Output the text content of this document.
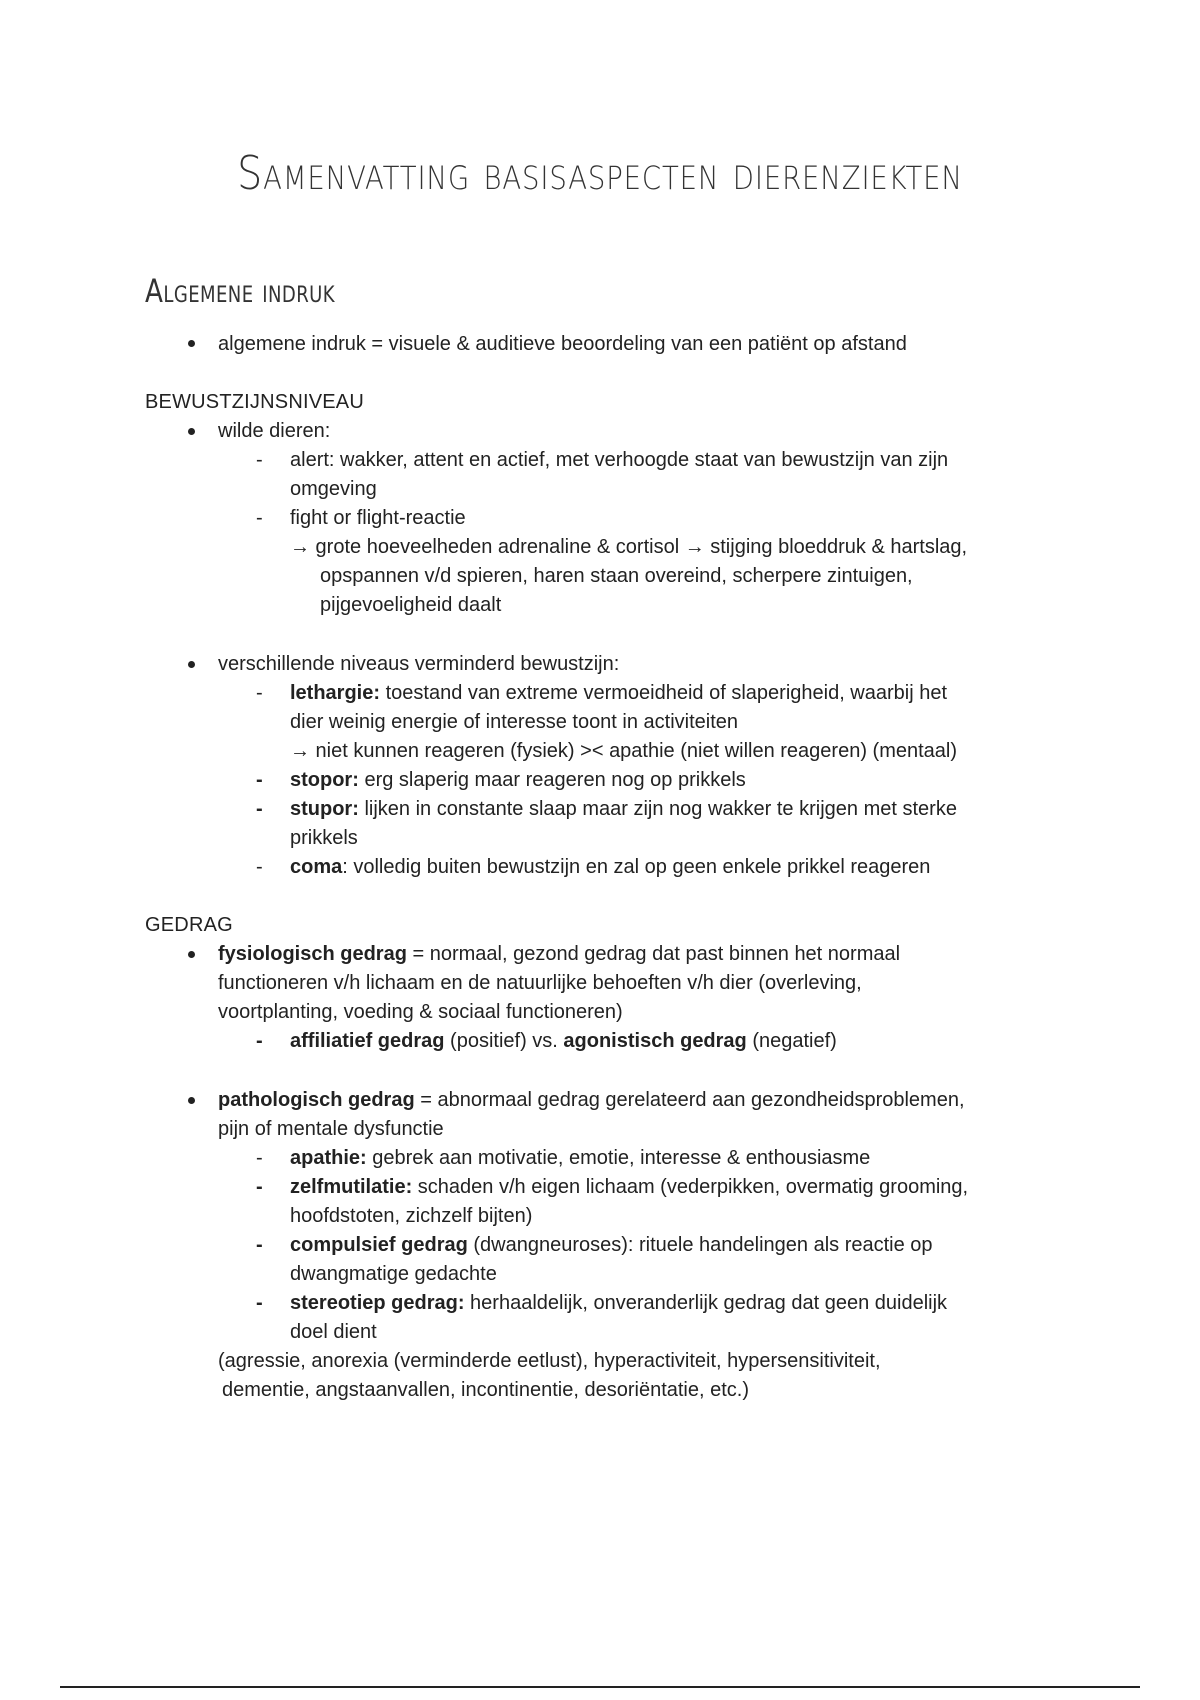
Samenvatting basisaspecten dierenziekten
Algemene indruk
algemene indruk = visuele & auditieve beoordeling van een patiënt op afstand
BEWUSTZIJNSNIVEAU
wilde dieren:
- alert: wakker, attent en actief, met verhoogde staat van bewustzijn van zijn
omgeving
- fight or flight-reactie
→ grote hoeveelheden adrenaline & cortisol → stijging bloeddruk & hartslag,
opspannen v/d spieren, haren staan overeind, scherpere zintuigen,
pijgevoeligheid daalt
verschillende niveaus verminderd bewustzijn:
- lethargie: toestand van extreme vermoeidheid of slaperigheid, waarbij het
dier weinig energie of interesse toont in activiteiten
→ niet kunnen reageren (fysiek) >< apathie (niet willen reageren) (mentaal)
- stopor: erg slaperig maar reageren nog op prikkels
- stupor: lijken in constante slaap maar zijn nog wakker te krijgen met sterke
prikkels
- coma: volledig buiten bewustzijn en zal op geen enkele prikkel reageren
GEDRAG
fysiologisch gedrag = normaal, gezond gedrag dat past binnen het normaal
functioneren v/h lichaam en de natuurlijke behoeften v/h dier (overleving,
voortplanting, voeding & sociaal functioneren)
- affiliatief gedrag (positief) vs. agonistisch gedrag (negatief)
pathologisch gedrag = abnormaal gedrag gerelateerd aan gezondheidsproblemen,
pijn of mentale dysfunctie
- apathie: gebrek aan motivatie, emotie, interesse & enthousiasme
- zelfmutilatie: schaden v/h eigen lichaam (vederpikken, overmatig grooming,
hoofdstoten, zichzelf bijten)
- compulsief gedrag (dwangneuroses): rituele handelingen als reactie op
dwangmatige gedachte
- stereotiep gedrag: herhaaldelijk, onveranderlijk gedrag dat geen duidelijk
doel dient
(agressie, anorexia (verminderde eetlust), hyperactiviteit, hypersensitiviteit,
dementie, angstaanvallen, incontinentie, desoriëntatie, etc.)
